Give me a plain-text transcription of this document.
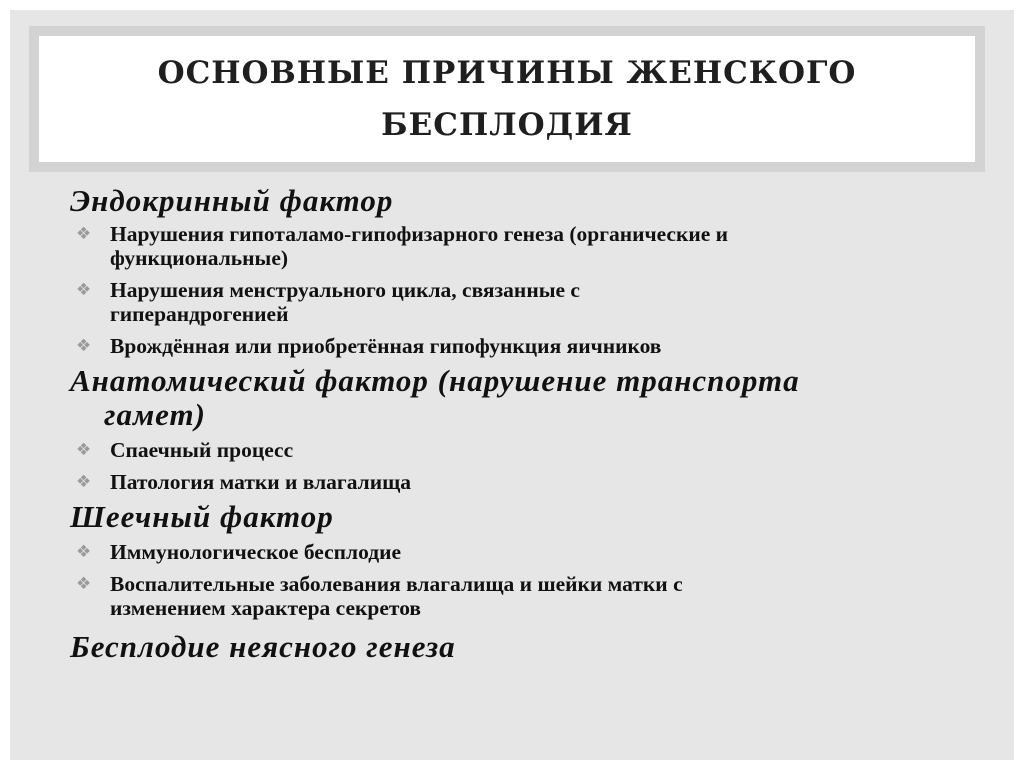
ОСНОВНЫЕ ПРИЧИНЫ ЖЕНСКОГО
БЕСПЛОДИЯ
Эндокринный фактор
❖ Нарушения гипоталамо-гипофизарного генеза (органические и
функциональные)
❖ Нарушения менструального цикла, связанные с
гиперандрогенией
❖ Врождённая или приобретённая гипофункция яичников
Анатомический фактор (нарушение транспорта
гамет)
❖ Спаечный процесс
❖ Патология матки и влагалища
Шеечный фактор
❖ Иммунологическое бесплодие
❖ Воспалительные заболевания влагалища и шейки матки с
изменением характера секретов
Бесплодие неясного генеза
